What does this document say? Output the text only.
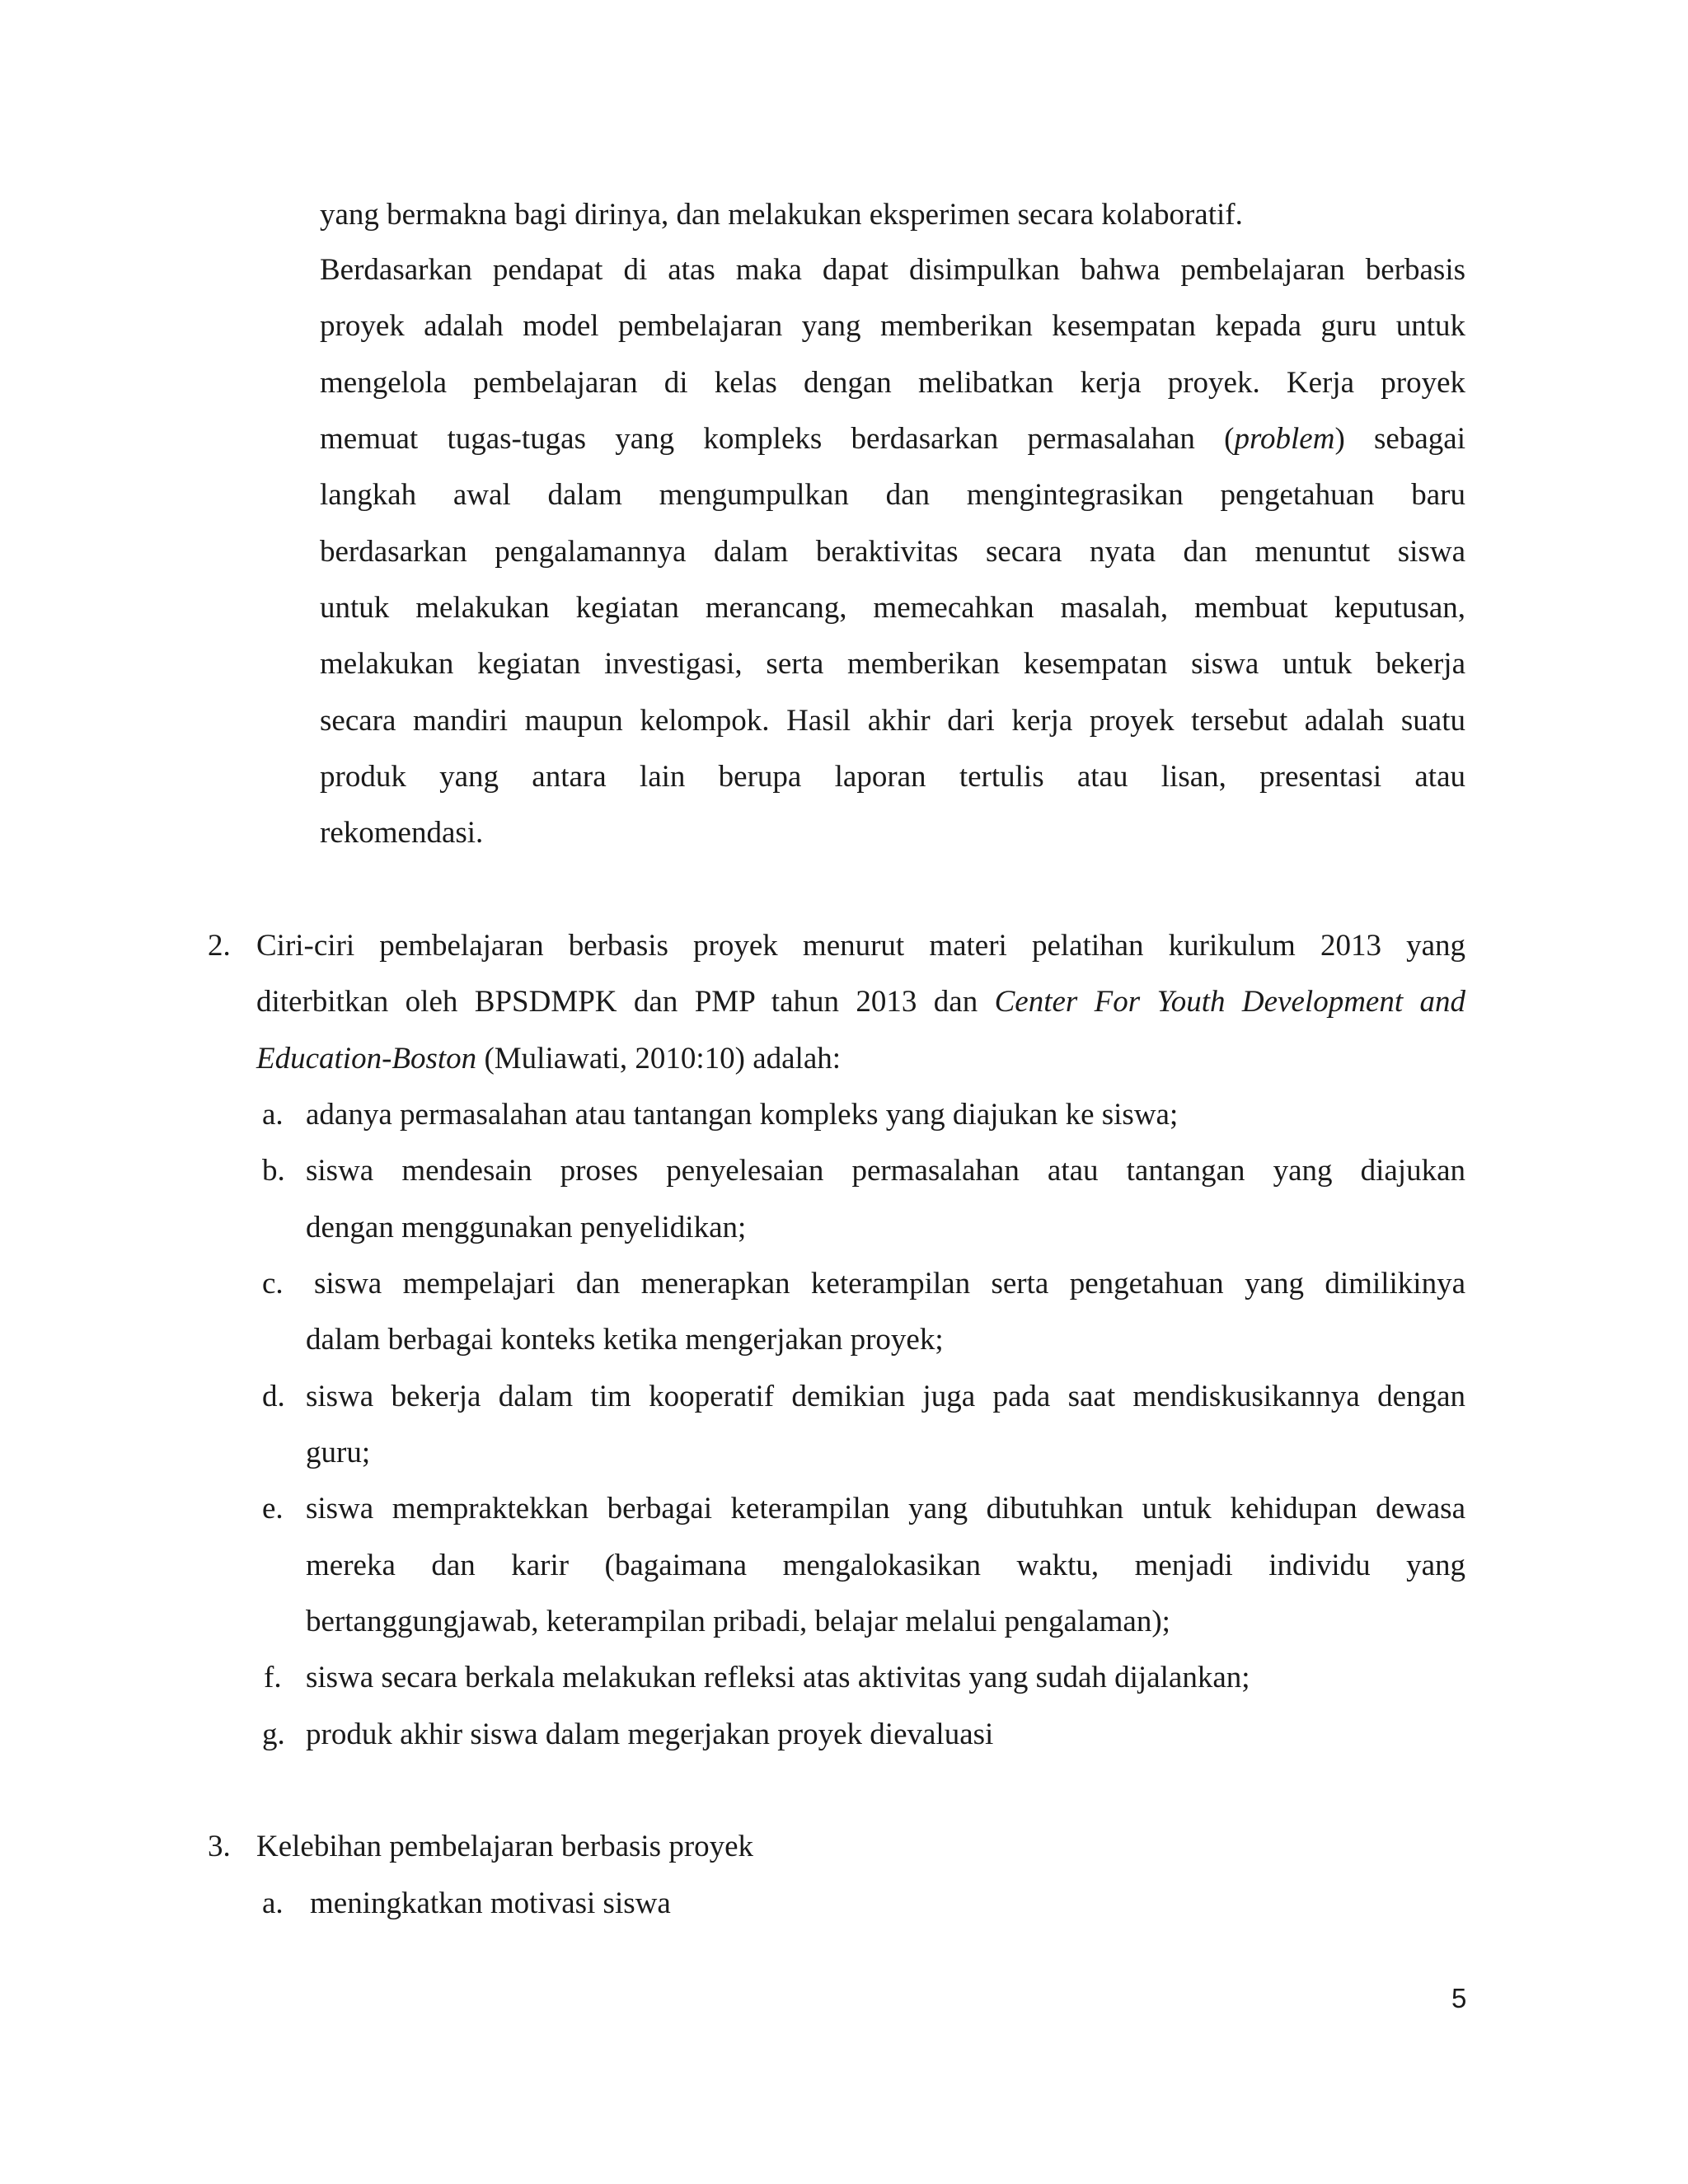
yang bermakna bagi dirinya, dan melakukan eksperimen secara kolaboratif.
Berdasarkan pendapat di atas maka dapat disimpulkan bahwa pembelajaran berbasis
proyek adalah model pembelajaran yang memberikan kesempatan kepada guru untuk
mengelola pembelajaran di kelas dengan melibatkan kerja proyek. Kerja proyek
memuat tugas-tugas yang kompleks berdasarkan permasalahan (problem) sebagai
langkah awal dalam mengumpulkan dan mengintegrasikan pengetahuan baru
berdasarkan pengalamannya dalam beraktivitas secara nyata dan menuntut siswa
untuk melakukan kegiatan merancang, memecahkan masalah, membuat keputusan,
melakukan kegiatan investigasi, serta memberikan kesempatan siswa untuk bekerja
secara mandiri maupun kelompok. Hasil akhir dari kerja proyek tersebut adalah suatu
produk yang antara lain berupa laporan tertulis atau lisan, presentasi atau
rekomendasi.
2. Ciri-ciri pembelajaran berbasis proyek menurut materi pelatihan kurikulum 2013 yang
diterbitkan oleh BPSDMPK dan PMP tahun 2013 dan Center For Youth Development and
Education-Boston (Muliawati, 2010:10) adalah:
a. adanya permasalahan atau tantangan kompleks yang diajukan ke siswa;
b. siswa mendesain proses penyelesaian permasalahan atau tantangan yang diajukan
dengan menggunakan penyelidikan;
c. siswa mempelajari dan menerapkan keterampilan serta pengetahuan yang dimilikinya
dalam berbagai konteks ketika mengerjakan proyek;
d. siswa bekerja dalam tim kooperatif demikian juga pada saat mendiskusikannya dengan
guru;
e. siswa mempraktekkan berbagai keterampilan yang dibutuhkan untuk kehidupan dewasa
mereka dan karir (bagaimana mengalokasikan waktu, menjadi individu yang
bertanggungjawab, keterampilan pribadi, belajar melalui pengalaman);
f. siswa secara berkala melakukan refleksi atas aktivitas yang sudah dijalankan;
g. produk akhir siswa dalam megerjakan proyek dievaluasi
3. Kelebihan pembelajaran berbasis proyek
a. meningkatkan motivasi siswa
5
